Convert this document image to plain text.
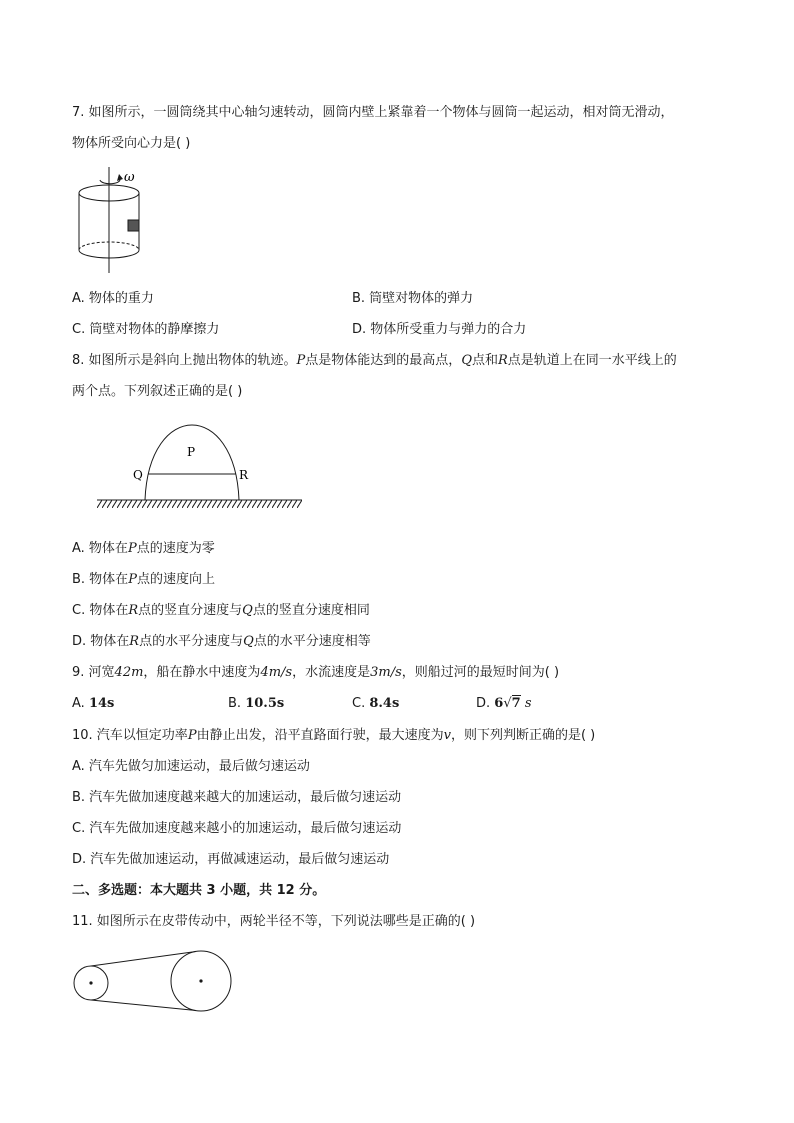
7. 如图所示，一圆筒绕其中心轴匀速转动，圆筒内壁上紧靠着一个物体与圆筒一起运动，相对筒无滑动，
物体所受向心力是( )
ω
A. 物体的重力	B. 筒壁对物体的弹力
C. 筒壁对物体的静摩擦力	D. 物体所受重力与弹力的合力
8. 如图所示是斜向上抛出物体的轨迹。P点是物体能达到的最高点，Q点和R点是轨道上在同一水平线上的
两个点。下列叙述正确的是( )
P
Q	R
A. 物体在P点的速度为零
B. 物体在P点的速度向上
C. 物体在R点的竖直分速度与Q点的竖直分速度相同
D. 物体在R点的水平分速度与Q点的水平分速度相等
9. 河宽42m，船在静水中速度为4m/s，水流速度是3m/s，则船过河的最短时间为( )
A. 14s	B. 10.5s	C. 8.4s	D. 6√7 s
10. 汽车以恒定功率P由静止出发，沿平直路面行驶，最大速度为v，则下列判断正确的是( )
A. 汽车先做匀加速运动，最后做匀速运动
B. 汽车先做加速度越来越大的加速运动，最后做匀速运动
C. 汽车先做加速度越来越小的加速运动，最后做匀速运动
D. 汽车先做加速运动，再做减速运动，最后做匀速运动
二、多选题：本大题共 3 小题，共 12 分。
11. 如图所示在皮带传动中，两轮半径不等，下列说法哪些是正确的( )
